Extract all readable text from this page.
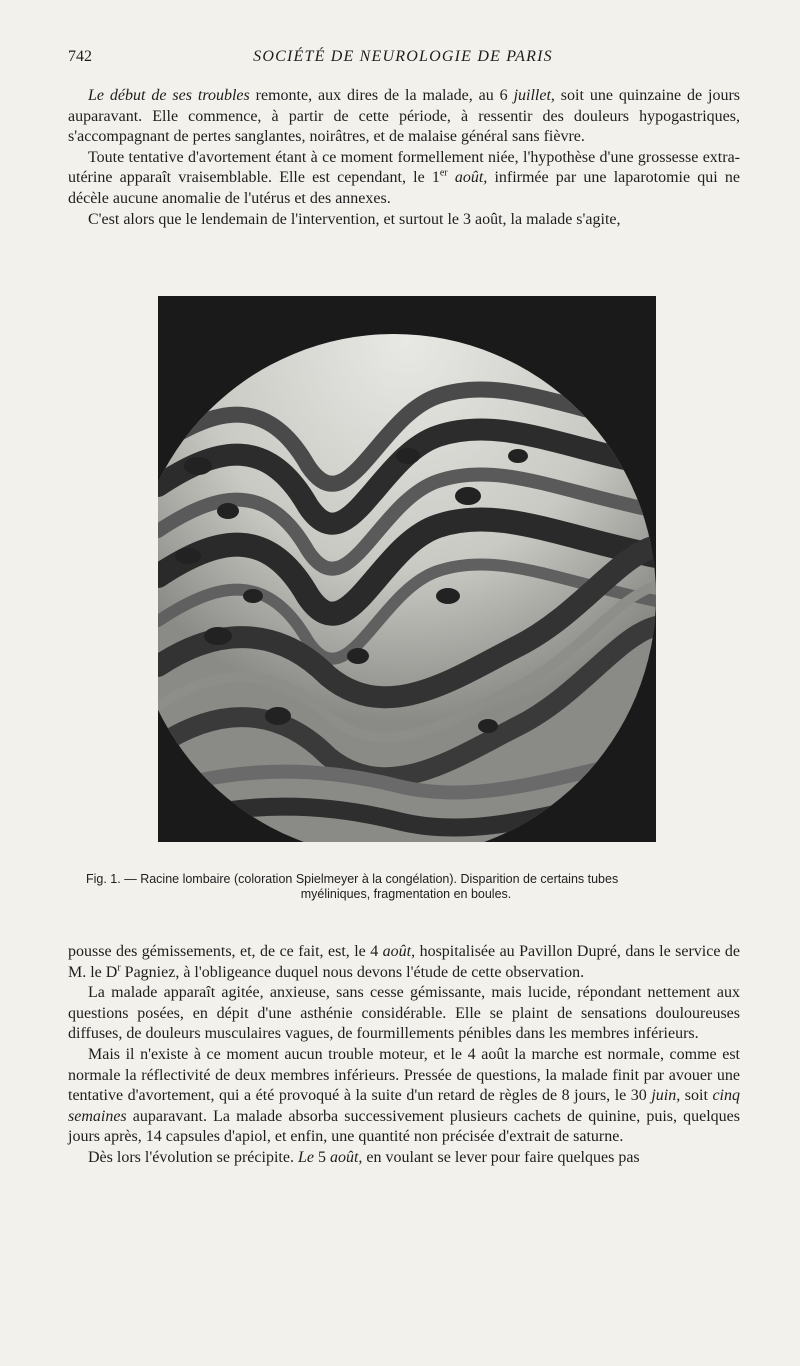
742	SOCIÉTÉ DE NEUROLOGIE DE PARIS

Le début de ses troubles remonte, aux dires de la malade, au 6 juillet, soit une quinzaine de jours auparavant. Elle commence, à partir de cette période, à ressentir des douleurs hypogastriques, s'accompagnant de pertes sanglantes, noirâtres, et de malaise général sans fièvre.

Toute tentative d'avortement étant à ce moment formellement niée, l'hypothèse d'une grossesse extra-utérine apparaît vraisemblable. Elle est cependant, le 1er août, infirmée par une laparotomie qui ne décèle aucune anomalie de l'utérus et des annexes.

C'est alors que le lendemain de l'intervention, et surtout le 3 août, la malade s'agite,

Fig. 1. — Racine lombaire (coloration Spielmeyer à la congélation). Disparition de certains tubes
myéliniques, fragmentation en boules.

pousse des gémissements, et, de ce fait, est, le 4 août, hospitalisée au Pavillon Dupré, dans le service de M. le $D^r$ Pagniez, à l'obligeance duquel nous devons l'étude de cette observation.

La malade apparaît agitée, anxieuse, sans cesse gémissante, mais lucide, répondant nettement aux questions posées, en dépit d'une asthénie considérable. Elle se plaint de sensations douloureuses diffuses, de douleurs musculaires vagues, de fourmillements pénibles dans les membres inférieurs.

Mais il n'existe à ce moment aucun trouble moteur, et le 4 août la marche est normale, comme est normale la réflectivité de deux membres inférieurs. Pressée de questions, la malade finit par avouer une tentative d'avortement, qui a été provoqué à la suite d'un retard de règles de 8 jours, le 30 juin, soit cinq semaines auparavant. La malade absorba successivement plusieurs cachets de quinine, puis, quelques jours après, 14 capsules d'apiol, et enfin, une quantité non précisée d'extrait de saturne.

Dès lors l'évolution se précipite. Le 5 août, en voulant se lever pour faire quelques pas
